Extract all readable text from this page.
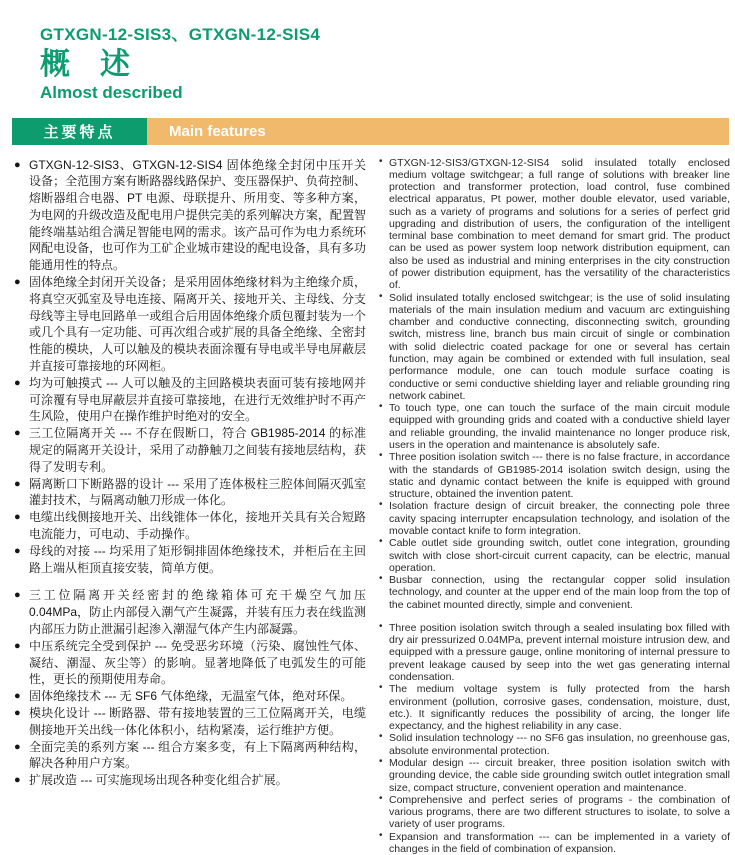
GTXGN-12-SIS3、GTXGN-12-SIS4
概　述
Almost described
主要特点	Main features
● GTXGN-12-SIS3、GTXGN-12-SIS4 固体绝缘全封闭中压开关设备；全范围方案有断路器线路保护、变压器保护、负荷控制、熔断器组合电器、PT 电源、母联提升、所用变、等多种方案，为电网的升级改造及配电用户提供完美的系列解决方案，配置智能终端基站组合满足智能电网的需求。该产品可作为电力系统环网配电设备，也可作为工矿企业城市建设的配电设备，具有多功能通用性的特点。
● 固体绝缘全封闭开关设备；是采用固体绝缘材料为主绝缘介质，将真空灭弧室及导电连接、隔离开关、接地开关、主母线、分支母线等主导电回路单一或组合后用固体绝缘介质包覆封装为一个或几个具有一定功能、可再次组合或扩展的具备全绝缘、全密封性能的模块，人可以触及的模块表面涂覆有导电或半导电屏蔽层并直接可靠接地的环网柜。
● 均为可触摸式 --- 人可以触及的主回路模块表面可装有接地网并可涂覆有导电屏蔽层并直接可靠接地，在进行无效维护时不再产生风险，使用户在操作维护时绝对的安全。
● 三工位隔离开关 --- 不存在假断口，符合 GB1985-2014 的标准规定的隔离开关设计，采用了动静触刀之间装有接地层结构，获得了发明专利。
● 隔离断口下断路器的设计 --- 采用了连体极柱三腔体间隔灭弧室灌封技术，与隔离动触刀形成一体化。
● 电缆出线侧接地开关、出线锥体一体化，接地开关具有关合短路电流能力，可电动、手动操作。
● 母线的对接 --- 均采用了矩形铜排固体绝缘技术，并柜后在主回路上端从柜顶直接安装，简单方便。
● 三工位隔离开关经密封的绝缘箱体可充干燥空气加压 0.04MPa，防止内部侵入潮气产生凝露，并装有压力表在线监测内部压力防止泄漏引起渗入潮湿气体产生内部凝露。
● 中压系统完全受到保护 --- 免受恶劣环境（污染、腐蚀性气体、凝结、潮湿、灰尘等）的影响。显著地降低了电弧发生的可能性，更长的预期使用寿命。
● 固体绝缘技术 --- 无 SF6 气体绝缘，无温室气体，绝对环保。
● 模块化设计 --- 断路器、带有接地装置的三工位隔离开关，电缆侧接地开关出线一体化体积小，结构紧凑，运行维护方便。
● 全面完美的系列方案 --- 组合方案多变，有上下隔离两种结构，解决各种用户方案。
● 扩展改造 --- 可实施现场出现各种变化组合扩展。
• GTXGN-12-SIS3/GTXGN-12-SIS4 solid insulated totally enclosed medium voltage switchgear; a full range of solutions with breaker line protection and transformer protection, load control, fuse combined electrical apparatus, Pt power, mother double elevator, used variable, such as a variety of programs and solutions for a series of perfect grid upgrading and distribution of users, the configuration of the intelligent terminal base combination to meet demand for smart grid. The product can be used as power system loop network distribution equipment, can also be used as industrial and mining enterprises in the city construction of power distribution equipment, has the versatility of the characteristics of.
• Solid insulated totally enclosed switchgear; is the use of solid insulating materials of the main insulation medium and vacuum arc extinguishing chamber and conductive connecting, disconnecting switch, grounding switch, mistress line, branch bus main circuit of single or combination with solid dielectric coated package for one or several has certain function, may again be combined or extended with full insulation, seal performance module, one can touch module surface coating is conductive or semi conductive shielding layer and reliable grounding ring network cabinet.
• To touch type, one can touch the surface of the main circuit module equipped with grounding grids and coated with a conductive shield layer and reliable grounding, the invalid maintenance no longer produce risk, users in the operation and maintenance is absolutely safe.
• Three position isolation switch --- there is no false fracture, in accordance with the standards of GB1985-2014 isolation switch design, using the static and dynamic contact between the knife is equipped with ground structure, obtained the invention patent.
• Isolation fracture design of circuit breaker, the connecting pole three cavity spacing interrupter encapsulation technology, and isolation of the movable contact knife to form integration.
• Cable outlet side grounding switch, outlet cone integration, grounding switch with close short-circuit current capacity, can be electric, manual operation.
• Busbar connection, using the rectangular copper solid insulation technology, and counter at the upper end of the main loop from the top of the cabinet mounted directly, simple and convenient.
• Three position isolation switch through a sealed insulating box filled with dry air pressurized 0.04MPa, prevent internal moisture intrusion dew, and equipped with a pressure gauge, online monitoring of internal pressure to prevent leakage caused by seep into the wet gas generating internal condensation.
• The medium voltage system is fully protected from the harsh environment (pollution, corrosive gases, condensation, moisture, dust, etc.). It significantly reduces the possibility of arcing, the longer life expectancy, and the highest reliability in any case.
• Solid insulation technology --- no SF6 gas insulation, no greenhouse gas, absolute environmental protection.
• Modular design --- circuit breaker, three position isolation switch with grounding device, the cable side grounding switch outlet integration small size, compact structure, convenient operation and maintenance.
• Comprehensive and perfect series of programs - the combination of various programs, there are two different structures to isolate, to solve a variety of user programs.
• Expansion and transformation --- can be implemented in a variety of changes in the field of combination of expansion.
